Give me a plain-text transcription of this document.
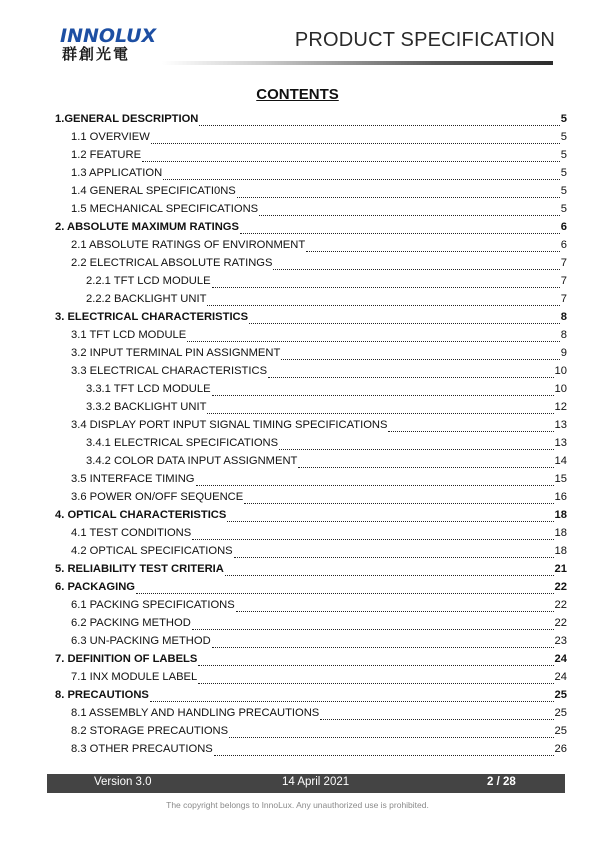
INNOLUX
群創光電
PRODUCT SPECIFICATION
CONTENTS
1.GENERAL DESCRIPTION	5
1.1 OVERVIEW	5
1.2 FEATURE	5
1.3 APPLICATION	5
1.4 GENERAL SPECIFICATI0NS	5
1.5 MECHANICAL SPECIFICATIONS	5
2. ABSOLUTE MAXIMUM RATINGS	6
2.1 ABSOLUTE RATINGS OF ENVIRONMENT	6
2.2 ELECTRICAL ABSOLUTE RATINGS	7
2.2.1 TFT LCD MODULE	7
2.2.2 BACKLIGHT UNIT	7
3. ELECTRICAL CHARACTERISTICS	8
3.1 TFT LCD MODULE	8
3.2 INPUT TERMINAL PIN ASSIGNMENT	9
3.3 ELECTRICAL CHARACTERISTICS	10
3.3.1 TFT LCD MODULE	10
3.3.2 BACKLIGHT UNIT	12
3.4 DISPLAY PORT INPUT SIGNAL TIMING SPECIFICATIONS	13
3.4.1 ELECTRICAL SPECIFICATIONS	13
3.4.2 COLOR DATA INPUT ASSIGNMENT	14
3.5 INTERFACE TIMING	15
3.6 POWER ON/OFF SEQUENCE	16
4. OPTICAL CHARACTERISTICS	18
4.1 TEST CONDITIONS	18
4.2 OPTICAL SPECIFICATIONS	18
5. RELIABILITY TEST CRITERIA	21
6. PACKAGING	22
6.1 PACKING SPECIFICATIONS	22
6.2 PACKING METHOD	22
6.3 UN-PACKING METHOD	23
7. DEFINITION OF LABELS	24
7.1 INX MODULE LABEL	24
8. PRECAUTIONS	25
8.1 ASSEMBLY AND HANDLING PRECAUTIONS	25
8.2 STORAGE PRECAUTIONS	25
8.3 OTHER PRECAUTIONS	26
Version 3.0	14 April 2021	2 / 28
The copyright belongs to InnoLux. Any unauthorized use is prohibited.
